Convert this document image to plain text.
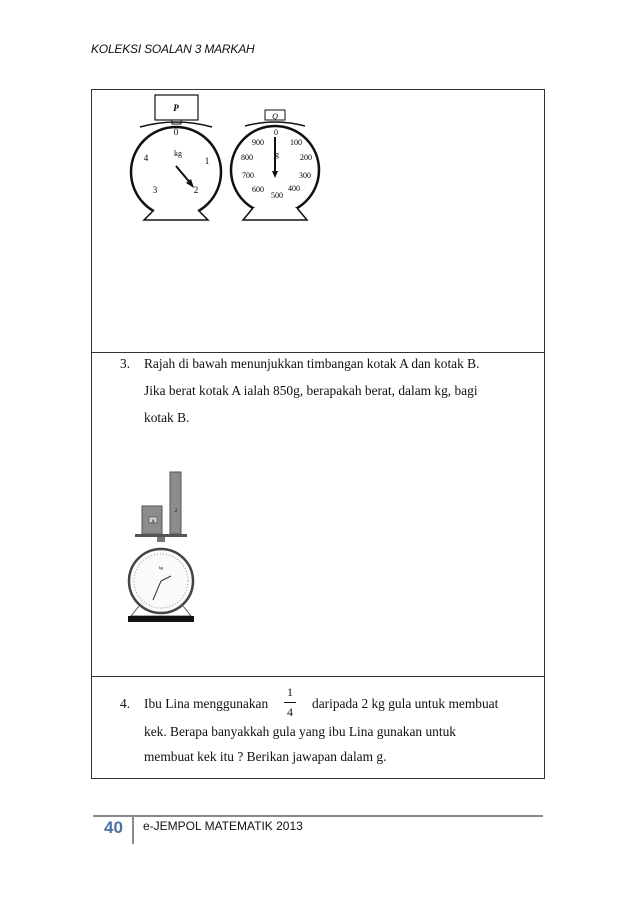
KOLEKSI SOALAN 3 MARKAH
P
0
1
2
3
4	kg
Q
0
100
200
300
400
500
600
700
800
900
g
3. Rajah di bawah menunjukkan timbangan kotak A dan kotak B.
Jika berat kotak A ialah 850g, berapakah berat, dalam kg, bagi
kotak B.
A
2
kg
4. Ibu Lina menggunakan	daripada 2 kg gula untuk membuat
kek. Berapa banyakkah gula yang ibu Lina gunakan untuk
membuat kek itu ? Berikan jawapan dalam g.
1
4
40 e-JEMPOL MATEMATIK 2013
